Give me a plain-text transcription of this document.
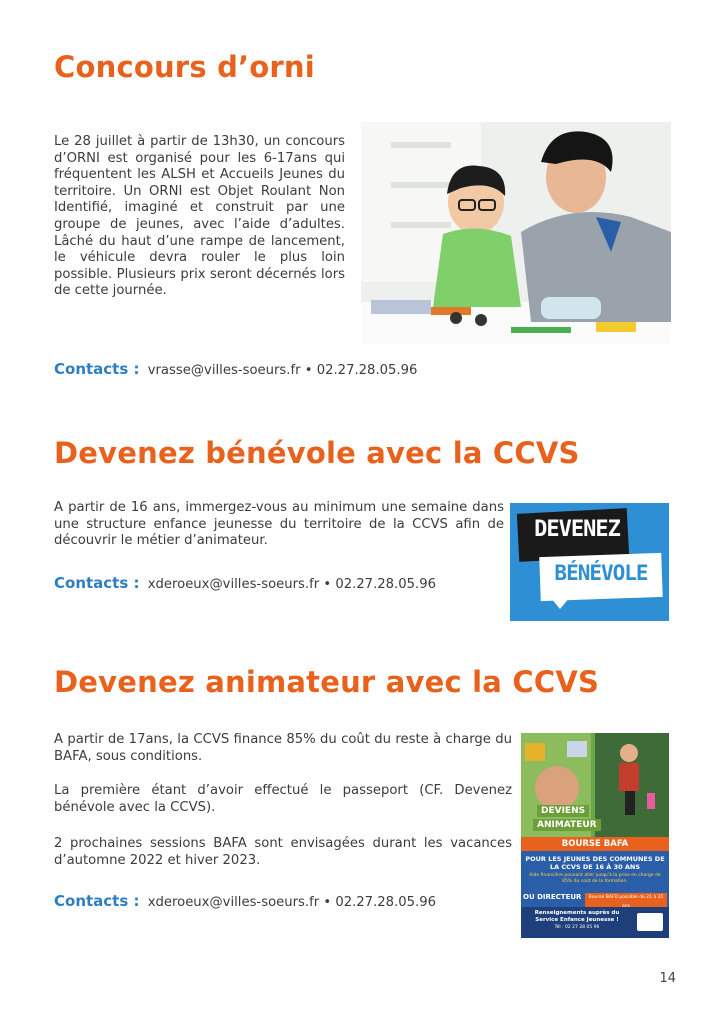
Concours d’orni

Le 28 juillet à partir de 13h30, un concours d’ORNI est organisé pour les 6-17ans qui fréquentent les ALSH et Accueils Jeunes du territoire. Un ORNI est Objet Roulant Non Identifié, imaginé et construit par une groupe de jeunes, avec l’aide d’adultes. Lâché du haut d’une rampe de lancement, le véhicule devra rouler le plus loin possible. Plusieurs prix seront décernés lors de cette journée.

Contacts : vrasse@villes-soeurs.fr • 02.27.28.05.96
Devenez bénévole avec la CCVS

A partir de 16 ans, immergez-vous au minimum une semaine dans une structure enfance jeunesse du territoire de la CCVS afin de découvrir le métier d’animateur.

Contacts : xderoeux@villes-soeurs.fr • 02.27.28.05.96
DEVENEZ
BÉNÉVOLE
Devenez animateur avec la CCVS

A partir de 17ans, la CCVS finance 85% du coût du reste à charge du BAFA, sous conditions.

La première étant d’avoir effectué le passeport (CF. Devenez bénévole avec la CCVS).

2 prochaines sessions BAFA sont envisagées durant les vacances d’automne 2022 et hiver 2023.

Contacts : xderoeux@villes-soeurs.fr • 02.27.28.05.96
DEVIENS
ANIMATEUR
BOURSE BAFA
POUR LES JEUNES DES COMMUNES DE
LA CCVS DE 16 À 30 ANS
Aide financière pouvant aller jusqu'à la prise en charge de 85% du coût de la formation.
OU DIRECTEUR	Bourse BAFD possible de 21 à 35
Renseignements auprès du
Service Enfance Jeunesse !
Tél : 02 27 28 05 96
14
